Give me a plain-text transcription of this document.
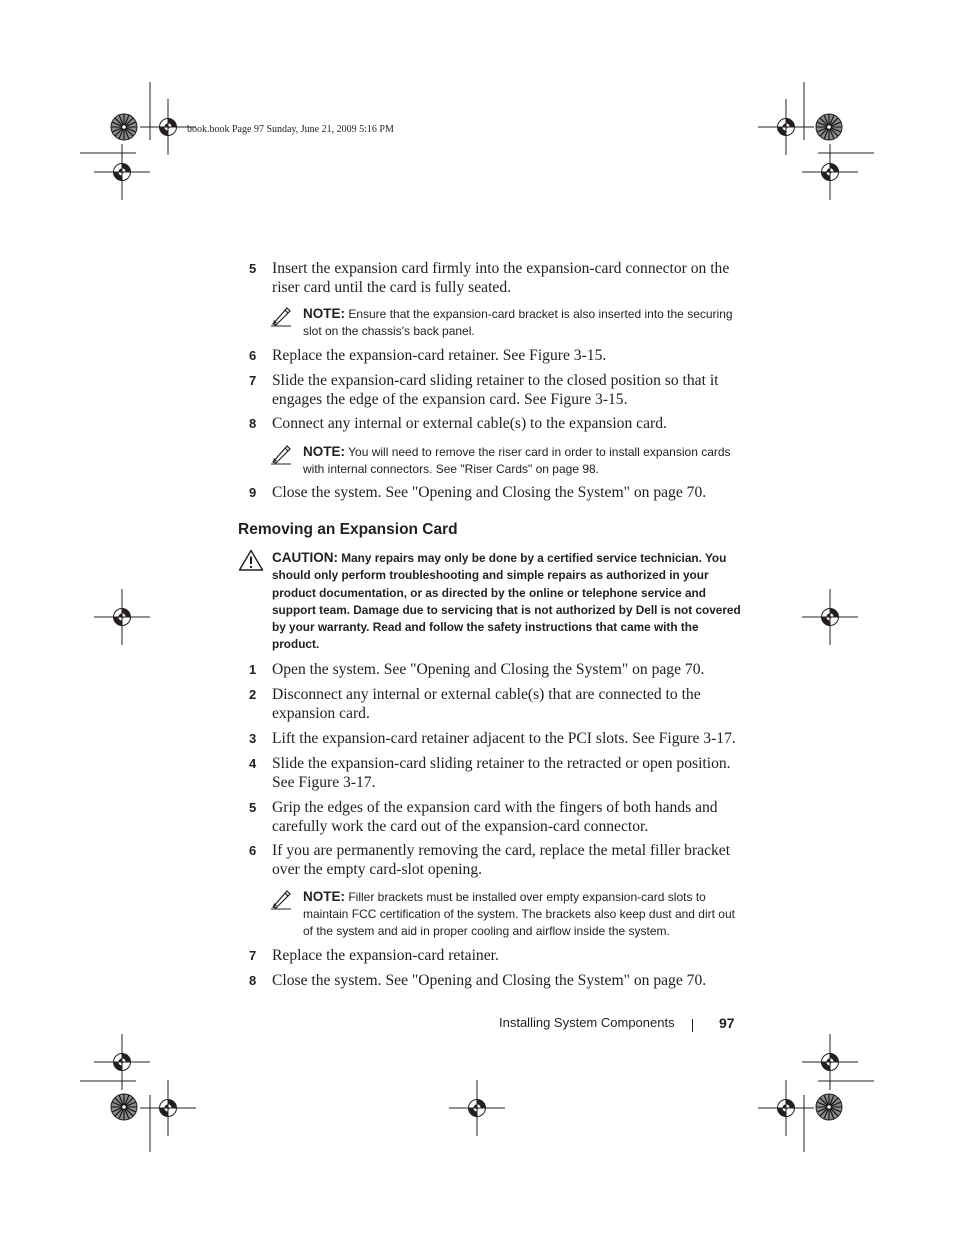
book.book Page 97 Sunday, June 21, 2009 5:16 PM
5 Insert the expansion card firmly into the expansion-card connector on the riser card until the card is fully seated.
NOTE: Ensure that the expansion-card bracket is also inserted into the securing slot on the chassis's back panel.
6 Replace the expansion-card retainer. See Figure 3-15.
7 Slide the expansion-card sliding retainer to the closed position so that it engages the edge of the expansion card. See Figure 3-15.
8 Connect any internal or external cable(s) to the expansion card.
NOTE: You will need to remove the riser card in order to install expansion cards with internal connectors. See "Riser Cards" on page 98.
9 Close the system. See "Opening and Closing the System" on page 70.
Removing an Expansion Card
CAUTION: Many repairs may only be done by a certified service technician. You should only perform troubleshooting and simple repairs as authorized in your product documentation, or as directed by the online or telephone service and support team. Damage due to servicing that is not authorized by Dell is not covered by your warranty. Read and follow the safety instructions that came with the product.
1 Open the system. See "Opening and Closing the System" on page 70.
2 Disconnect any internal or external cable(s) that are connected to the expansion card.
3 Lift the expansion-card retainer adjacent to the PCI slots. See Figure 3-17.
4 Slide the expansion-card sliding retainer to the retracted or open position. See Figure 3-17.
5 Grip the edges of the expansion card with the fingers of both hands and carefully work the card out of the expansion-card connector.
6 If you are permanently removing the card, replace the metal filler bracket over the empty card-slot opening.
NOTE: Filler brackets must be installed over empty expansion-card slots to maintain FCC certification of the system. The brackets also keep dust and dirt out of the system and aid in proper cooling and airflow inside the system.
7 Replace the expansion-card retainer.
8 Close the system. See "Opening and Closing the System" on page 70.
Installing System Components	97
